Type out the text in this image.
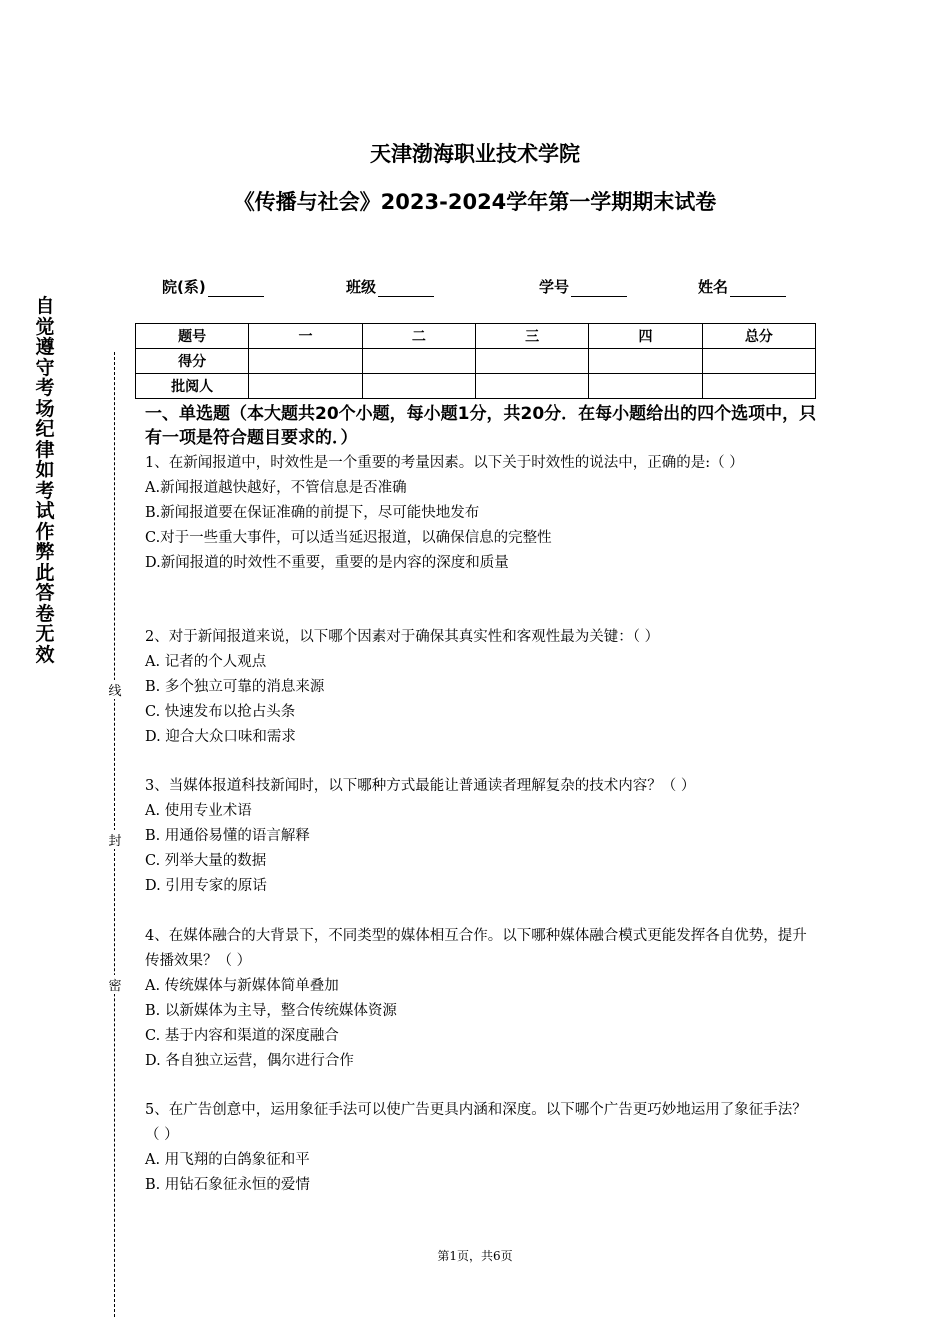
天津渤海职业技术学院
《传播与社会》2023-2024学年第一学期期末试卷
院(系)	班级	学号	姓名
题号	一	二	三	四	总分
得分					
批阅人					
自觉遵守考场纪律如考试作弊此答卷无效
线
封
密
一、单选题（本大题共20个小题，每小题1分，共20分．在每小题给出的四个选项中，只有一项是符合题目要求的．）

1、在新闻报道中，时效性是一个重要的考量因素。以下关于时效性的说法中，正确的是:（ ）

A.新闻报道越快越好，不管信息是否准确

B.新闻报道要在保证准确的前提下，尽可能快地发布

C.对于一些重大事件，可以适当延迟报道，以确保信息的完整性

D.新闻报道的时效性不重要，重要的是内容的深度和质量

2、对于新闻报道来说，以下哪个因素对于确保其真实性和客观性最为关键：（ ）

A. 记者的个人观点

B. 多个独立可靠的消息来源

C. 快速发布以抢占头条

D. 迎合大众口味和需求

3、当媒体报道科技新闻时，以下哪种方式最能让普通读者理解复杂的技术内容？（ ）

A. 使用专业术语

B. 用通俗易懂的语言解释

C. 列举大量的数据

D. 引用专家的原话

4、在媒体融合的大背景下，不同类型的媒体相互合作。以下哪种媒体融合模式更能发挥各自优势，提升传播效果？（ ）

A. 传统媒体与新媒体简单叠加

B. 以新媒体为主导，整合传统媒体资源

C. 基于内容和渠道的深度融合

D. 各自独立运营，偶尔进行合作

5、在广告创意中，运用象征手法可以使广告更具内涵和深度。以下哪个广告更巧妙地运用了象征手法？（ ）

A. 用飞翔的白鸽象征和平

B. 用钻石象征永恒的爱情

第1页，共6页
